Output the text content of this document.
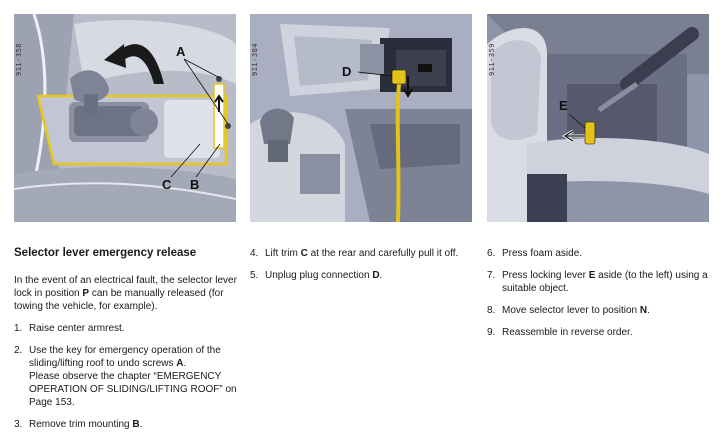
A
C B
911-358	D
911-384
E
911-359
Selector lever emergency release
In the event of an electrical fault, the selector lever lock in position P can be manually released (for towing the vehicle, for example).
1. Raise center armrest.
2. Use the key for emergency operation of the sliding/lifting roof to undo screws A.
Please observe the chapter “EMERGENCY OPERATION OF SLIDING/LIFTING ROOF” on Page 153.
3. Remove trim mounting B.
4. Lift trim C at the rear and carefully pull it off.
5. Unplug plug connection D.
6. Press foam aside.
7. Press locking lever E aside (to the left) using a suitable object.
8. Move selector lever to position N.
9. Reassemble in reverse order.
